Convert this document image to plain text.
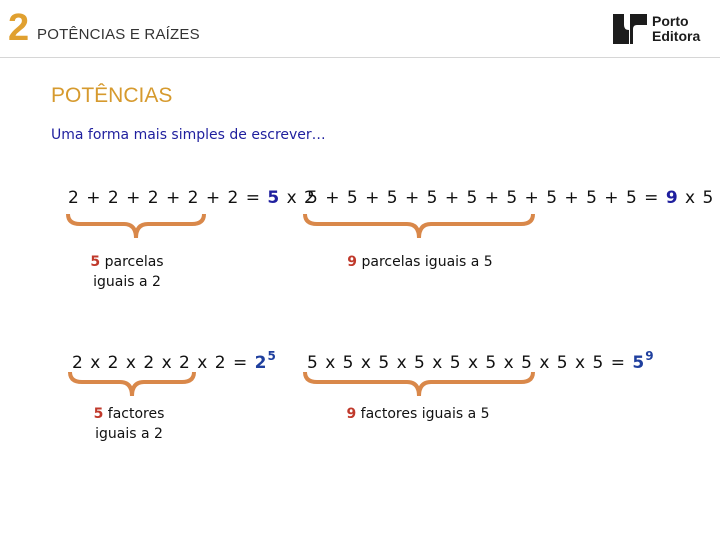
2 POTÊNCIAS E RAÍZES
Porto
Editora
POTÊNCIAS
Uma forma mais simples de escrever…
2 + 2 + 2 + 2 + 2 = 5 x 2
5 parcelas
iguais a 2
5 + 5 + 5 + 5 + 5 + 5 + 5 + 5 + 5 = 9 x 5
9 parcelas iguais a 5
2 x 2 x 2 x 2 x $2 = 2^5$
5 factores
iguais a 2
5 x 5 x 5 x 5 x 5 x 5 x 5 x 5 x $5 = 5^9$
9 factores iguais a 5
